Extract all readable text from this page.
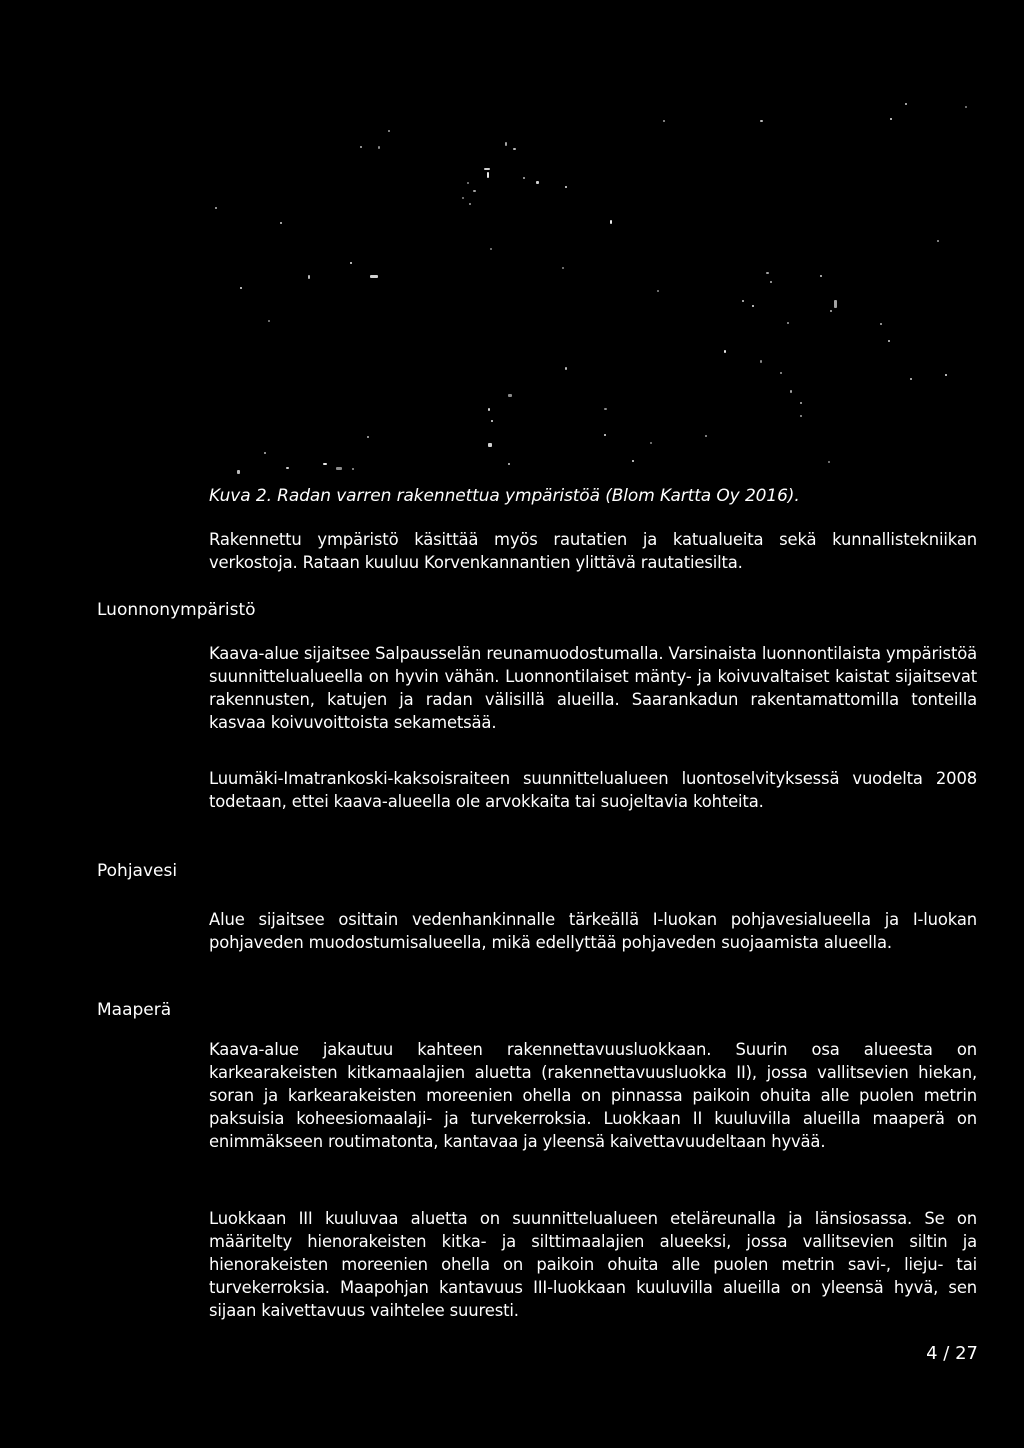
Kuva 2. Radan varren rakennettua ympäristöä (Blom Kartta Oy 2016).

Rakennettu ympäristö käsittää myös rautatien ja katualueita sekä kunnallistekniikan verkostoja. Rataan kuuluu Korvenkannantien ylittävä rautatiesilta.

Luonnonympäristö

Kaava-alue sijaitsee Salpausselän reunamuodostumalla. Varsinaista luonnontilaista ympäristöä suunnittelualueella on hyvin vähän. Luonnontilaiset mänty- ja koivuvaltaiset kaistat sijaitsevat rakennusten, katujen ja radan välisillä alueilla. Saarankadun rakentamattomilla tonteilla kasvaa koivuvoittoista sekametsää.

Luumäki-Imatrankoski-kaksoisraiteen suunnittelualueen luontoselvityksessä vuodelta 2008 todetaan, ettei kaava-alueella ole arvokkaita tai suojeltavia kohteita.

Pohjavesi

Alue sijaitsee osittain vedenhankinnalle tärkeällä I-luokan pohjavesialueella ja I-luokan pohjaveden muodostumisalueella, mikä edellyttää pohjaveden suojaamista alueella.

Maaperä

Kaava-alue jakautuu kahteen rakennettavuusluokkaan. Suurin osa alueesta on karkearakeisten kitkamaalajien aluetta (rakennettavuusluokka II), jossa vallitsevien hiekan, soran ja karkearakeisten moreenien ohella on pinnassa paikoin ohuita alle puolen metrin paksuisia koheesiomaalaji- ja turvekerroksia. Luokkaan II kuuluvilla alueilla maaperä on enimmäkseen routimatonta, kantavaa ja yleensä kaivettavuudeltaan hyvää.

Luokkaan III kuuluvaa aluetta on suunnittelualueen eteläreunalla ja länsiosassa. Se on määritelty hienorakeisten kitka- ja silttimaalajien alueeksi, jossa vallitsevien siltin ja hienorakeisten moreenien ohella on paikoin ohuita alle puolen metrin savi-, lieju- tai turvekerroksia. Maapohjan kantavuus III-luokkaan kuuluvilla alueilla on yleensä hyvä, sen sijaan kaivettavuus vaihtelee suuresti.

4 / 27
